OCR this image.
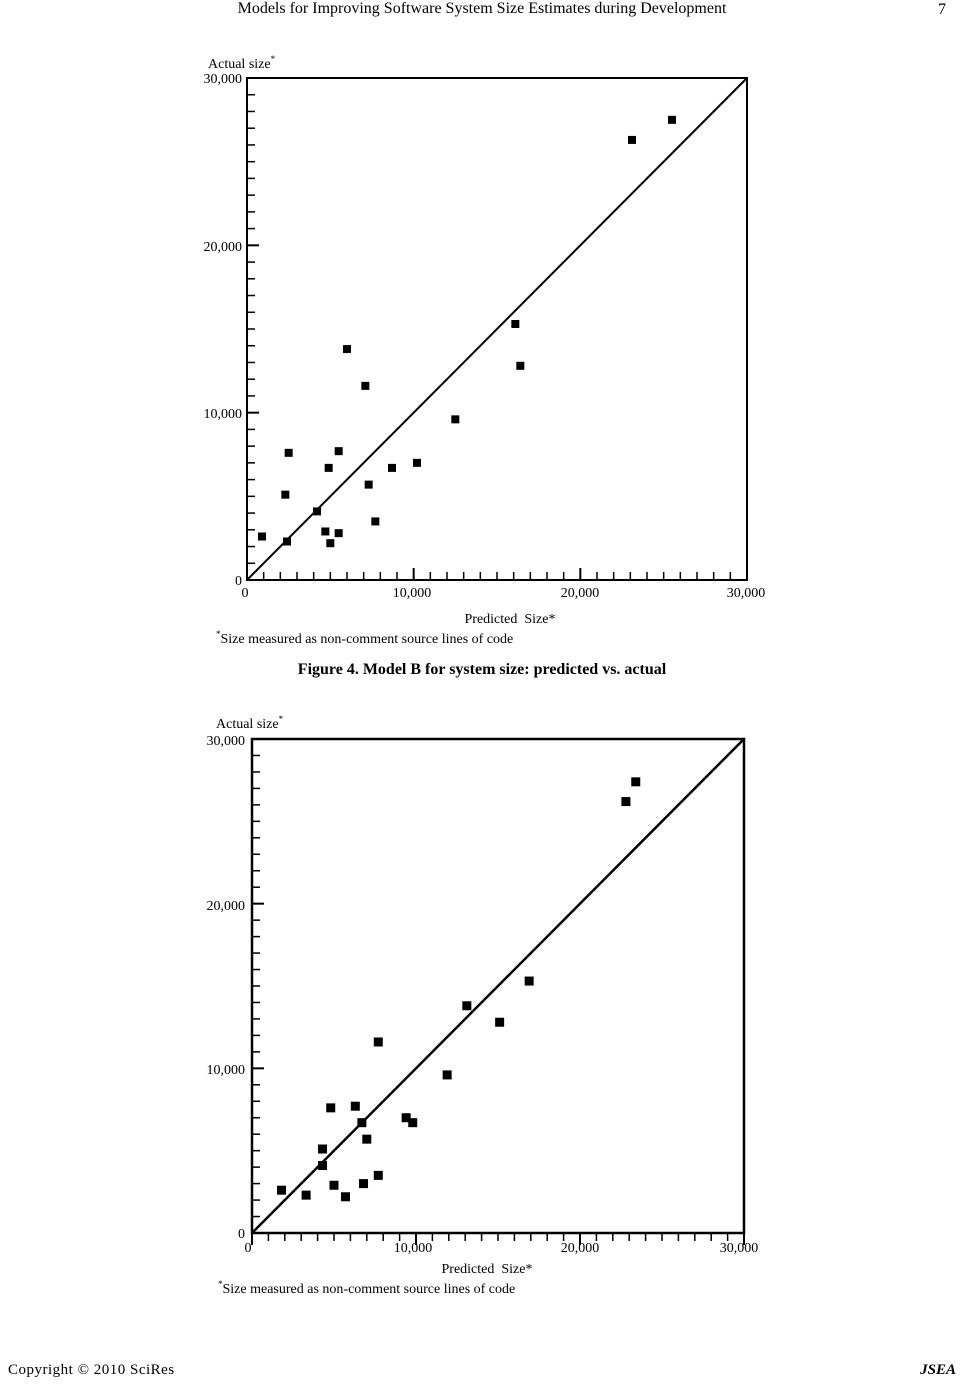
Models for Improving Software System Size Estimates during Development	7
Actual size*
30,000
20,000
10,000
0
0	10,000	20,000	30,000
Predicted  Size*
*Size measured as non-comment source lines of code
Figure 4. Model B for system size: predicted vs. actual
Actual size*
30,000
20,000
10,000
0
0	10,000	20,000	30,000
Predicted  Size*
*Size measured as non-comment source lines of code
Copyright © 2010 SciRes	JSEA
